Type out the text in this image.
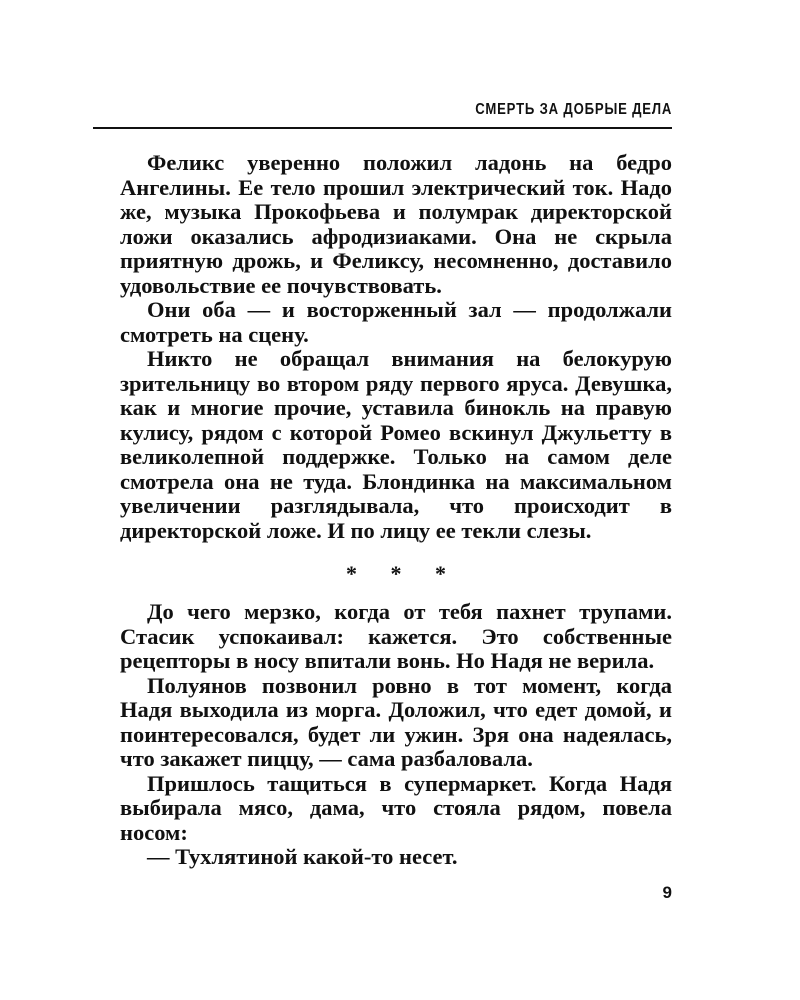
СМЕРТЬ ЗА ДОБРЫЕ ДЕЛА

Феликс уверенно положил ладонь на бедро Ангелины. Ее тело прошил электрический ток. Надо же, музыка Прокофьева и полумрак директорской ложи оказались афродизиаками. Она не скрыла приятную дрожь, и Феликсу, несомненно, доставило удовольствие ее почувствовать.

Они оба — и восторженный зал — продолжали смотреть на сцену.

Никто не обращал внимания на белокурую зрительницу во втором ряду первого яруса. Девушка, как и многие прочие, уставила бинокль на правую кулису, рядом с которой Ромео вскинул Джульетту в великолепной поддержке. Только на самом деле смотрела она не туда. Блондинка на максимальном увеличении разглядывала, что происходит в директорской ложе. И по лицу ее текли слезы.

* * *

До чего мерзко, когда от тебя пахнет трупами. Стасик успокаивал: кажется. Это собственные рецепторы в носу впитали вонь. Но Надя не верила.

Полуянов позвонил ровно в тот момент, когда Надя выходила из морга. Доложил, что едет домой, и поинтересовался, будет ли ужин. Зря она надеялась, что закажет пиццу, — сама разбаловала.

Пришлось тащиться в супермаркет. Когда Надя выбирала мясо, дама, что стояла рядом, повела носом:

— Тухлятиной какой-то несет.

9
